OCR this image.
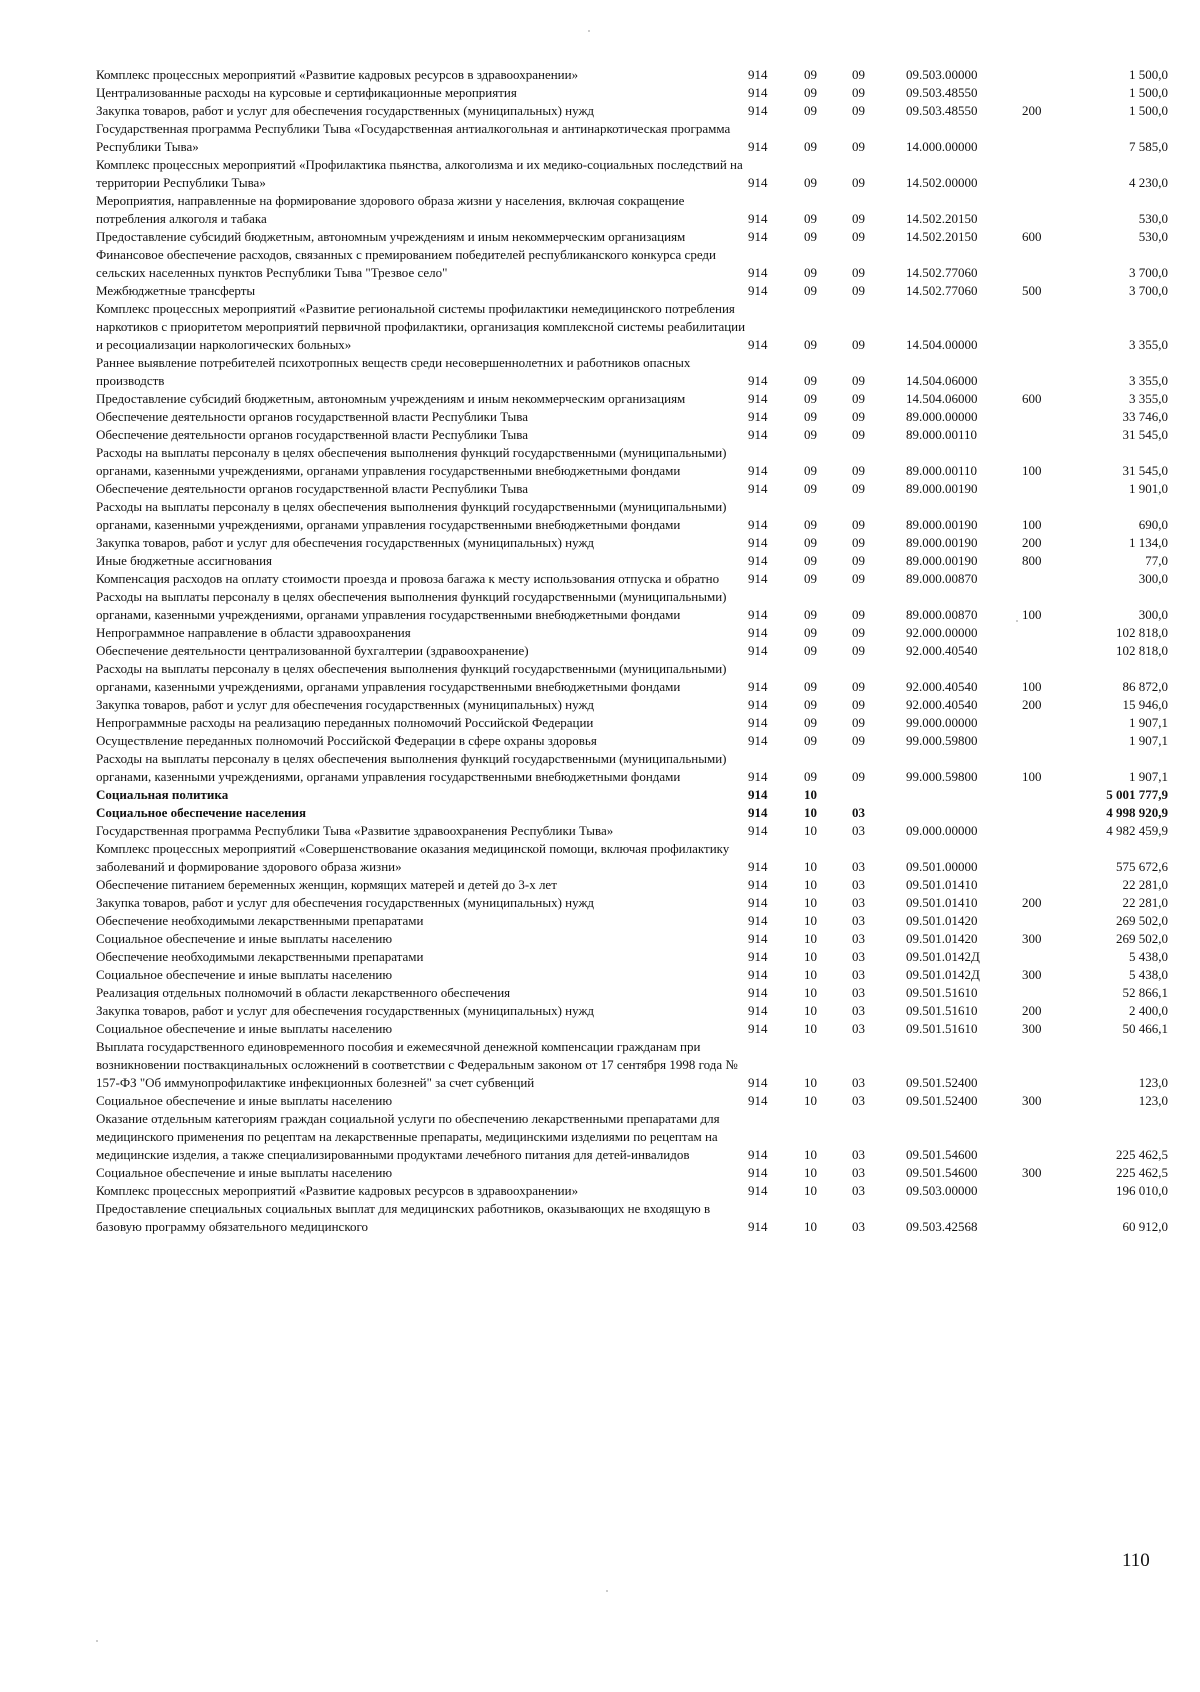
Комплекс процессных мероприятий «Развитие кадровых ресурсов в здравоохранении»	914	09	09	09.503.00000		1 500,0
Централизованные расходы на курсовые и сертификационные мероприятия	914	09	09	09.503.48550		1 500,0
Закупка товаров, работ и услуг для обеспечения государственных (муниципальных) нужд	914	09	09	09.503.48550	200	1 500,0
Государственная программа Республики Тыва «Государственная антиалкогольная и антинаркотическая программа Республики Тыва»	914	09	09	14.000.00000		7 585,0
Комплекс процессных мероприятий «Профилактика пьянства, алкоголизма и их медико-социальных последствий на территории Республики Тыва»	914	09	09	14.502.00000		4 230,0
Мероприятия, направленные на формирование здорового образа жизни у населения, включая сокращение потребления алкоголя и табака	914	09	09	14.502.20150		530,0
Предоставление субсидий бюджетным, автономным учреждениям и иным некоммерческим организациям	914	09	09	14.502.20150	600	530,0
Финансовое обеспечение расходов, связанных с премированием победителей республиканского конкурса среди сельских населенных пунктов Республики Тыва "Трезвое село"	914	09	09	14.502.77060		3 700,0
Межбюджетные трансферты	914	09	09	14.502.77060	500	3 700,0
Комплекс процессных мероприятий «Развитие региональной системы профилактики немедицинского потребления наркотиков с приоритетом мероприятий первичной профилактики, организация комплексной системы реабилитации и ресоциализации наркологических больных»	914	09	09	14.504.00000		3 355,0
Раннее выявление потребителей психотропных веществ среди несовершеннолетних и работников опасных производств	914	09	09	14.504.06000		3 355,0
Предоставление субсидий бюджетным, автономным учреждениям и иным некоммерческим организациям	914	09	09	14.504.06000	600	3 355,0
Обеспечение деятельности органов государственной власти Республики Тыва	914	09	09	89.000.00000		33 746,0
Обеспечение деятельности органов государственной власти Республики Тыва	914	09	09	89.000.00110		31 545,0
Расходы на выплаты персоналу в целях обеспечения выполнения функций государственными (муниципальными) органами, казенными учреждениями, органами управления государственными внебюджетными фондами	914	09	09	89.000.00110	100	31 545,0
Обеспечение деятельности органов государственной власти Республики Тыва	914	09	09	89.000.00190		1 901,0
Расходы на выплаты персоналу в целях обеспечения выполнения функций государственными (муниципальными) органами, казенными учреждениями, органами управления государственными внебюджетными фондами	914	09	09	89.000.00190	100	690,0
Закупка товаров, работ и услуг для обеспечения государственных (муниципальных) нужд	914	09	09	89.000.00190	200	1 134,0
Иные бюджетные ассигнования	914	09	09	89.000.00190	800	77,0
Компенсация расходов на оплату стоимости проезда и провоза багажа к месту использования отпуска и обратно	914	09	09	89.000.00870		300,0
Расходы на выплаты персоналу в целях обеспечения выполнения функций государственными (муниципальными) органами, казенными учреждениями, органами управления государственными внебюджетными фондами	914	09	09	89.000.00870	100	300,0
Непрограммное направление в области здравоохранения	914	09	09	92.000.00000		102 818,0
Обеспечение деятельности централизованной бухгалтерии (здравоохранение)	914	09	09	92.000.40540		102 818,0
Расходы на выплаты персоналу в целях обеспечения выполнения функций государственными (муниципальными) органами, казенными учреждениями, органами управления государственными внебюджетными фондами	914	09	09	92.000.40540	100	86 872,0
Закупка товаров, работ и услуг для обеспечения государственных (муниципальных) нужд	914	09	09	92.000.40540	200	15 946,0
Непрограммные расходы на реализацию переданных полномочий Российской Федерации	914	09	09	99.000.00000		1 907,1
Осуществление переданных полномочий Российской Федерации в сфере охраны здоровья	914	09	09	99.000.59800		1 907,1
Расходы на выплаты персоналу в целях обеспечения выполнения функций государственными (муниципальными) органами, казенными учреждениями, органами управления государственными внебюджетными фондами	914	09	09	99.000.59800	100	1 907,1
Социальная политика	914	10				5 001 777,9
Социальное обеспечение населения	914	10	03			4 998 920,9
Государственная программа Республики Тыва «Развитие здравоохранения Республики Тыва»	914	10	03	09.000.00000		4 982 459,9
Комплекс процессных мероприятий «Совершенствование оказания медицинской помощи, включая профилактику заболеваний и формирование здорового образа жизни»	914	10	03	09.501.00000		575 672,6
Обеспечение питанием беременных женщин, кормящих матерей и детей до 3-х лет	914	10	03	09.501.01410		22 281,0
Закупка товаров, работ и услуг для обеспечения государственных (муниципальных) нужд	914	10	03	09.501.01410	200	22 281,0
Обеспечение необходимыми лекарственными препаратами	914	10	03	09.501.01420		269 502,0
Социальное обеспечение и иные выплаты населению	914	10	03	09.501.01420	300	269 502,0
Обеспечение необходимыми лекарственными препаратами	914	10	03	09.501.0142Д		5 438,0
Социальное обеспечение и иные выплаты населению	914	10	03	09.501.0142Д	300	5 438,0
Реализация отдельных полномочий в области лекарственного обеспечения	914	10	03	09.501.51610		52 866,1
Закупка товаров, работ и услуг для обеспечения государственных (муниципальных) нужд	914	10	03	09.501.51610	200	2 400,0
Социальное обеспечение и иные выплаты населению	914	10	03	09.501.51610	300	50 466,1
Выплата государственного единовременного пособия и ежемесячной денежной компенсации гражданам при возникновении поствакцинальных осложнений в соответствии с Федеральным законом от 17 сентября 1998 года № 157-ФЗ "Об иммунопрофилактике инфекционных болезней" за счет субвенций	914	10	03	09.501.52400		123,0
Социальное обеспечение и иные выплаты населению	914	10	03	09.501.52400	300	123,0
Оказание отдельным категориям граждан социальной услуги по обеспечению лекарственными препаратами для медицинского применения по рецептам на лекарственные препараты, медицинскими изделиями по рецептам на медицинские изделия, а также специализированными продуктами лечебного питания для детей-инвалидов	914	10	03	09.501.54600		225 462,5
Социальное обеспечение и иные выплаты населению	914	10	03	09.501.54600	300	225 462,5
Комплекс процессных мероприятий «Развитие кадровых ресурсов в здравоохранении»	914	10	03	09.503.00000		196 010,0
Предоставление специальных социальных выплат для медицинских работников, оказывающих не входящую в базовую программу обязательного медицинского	914	10	03	09.503.42568		60 912,0
110
